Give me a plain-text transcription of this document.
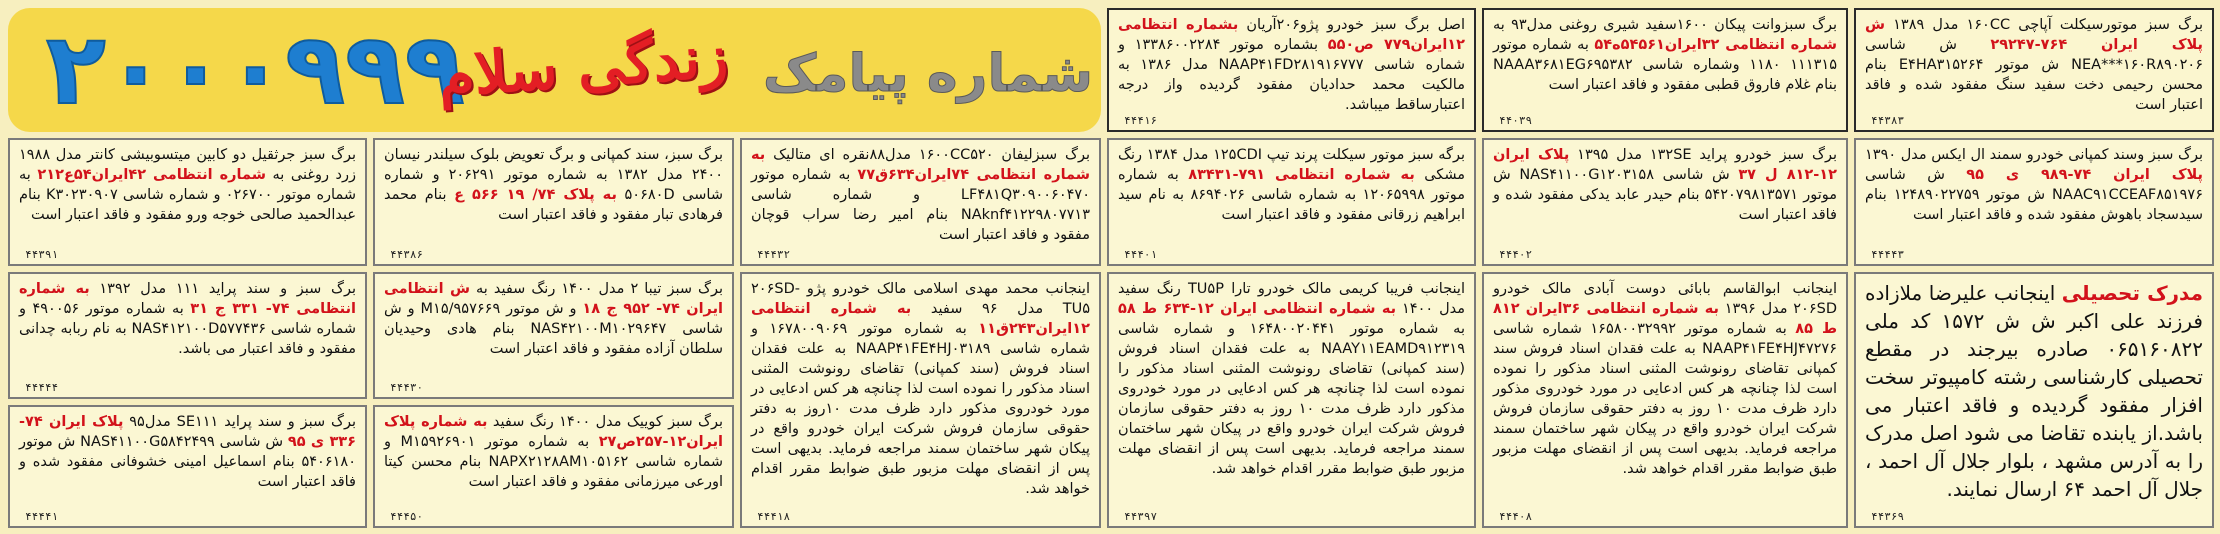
۲۰۰۰۹۹۹
زندگی سلام شماره پیامک
برگ سبز موتورسیکلت آپاچی ۱۶۰CC مدل ۱۳۸۹ ش پلاک ایران ۷۶۴-۲۹۲۴۷ ش شاسی NEA***۱۶۰R۸۹۰۲۰۶ ش موتور E۴HA۳۱۵۲۶۴ بنام محسن رحیمی دخت سفید سنگ مفقود شده و فاقد اعتبار است
۴۴۳۸۳
برگ سبزوانت پیکان ۱۶۰۰سفید شیری روغنی مدل۹۳ به شماره انتظامی ۳۲ایران۵۴۵۶۱ه۵۴ به شماره موتور ۱۱۱۳۱۵ ۱۱۸۰ وشماره شاسی NAAA۳۶۸۱EG۶۹۵۳۸۲ بنام غلام فاروق قطبی مفقود و فاقد اعتبار است
۴۴۰۳۹
اصل برگ سبز خودرو پژو۲۰۶آریان بشماره انتظامی ۱۲ایران۷۷۹ ص۵۵۰ بشماره موتور ۱۳۳۸۶۰۰۲۲۸۴ و شماره شاسی NAAP۴۱FD۲۸۱۹۱۶۷۷۷ مدل ۱۳۸۶ به مالکیت محمد حدادیان مفقود گردیده واز درجه اعتبارساقط میباشد.
۴۴۴۱۶
برگ سبز وسند کمپانی خودرو سمند ال ایکس مدل ۱۳۹۰ پلاک ایران ۷۴-۹۸۹ ی ۹۵ ش شاسی NAAC۹۱CCEAF۸۵۱۹۷۶ ش موتور ۱۲۴۸۹۰۲۲۷۵۹ بنام سیدسجاد باهوش مفقود شده و فاقد اعتبار است
۴۴۴۴۳
برگ سبز خودرو پراید ۱۳۲SE مدل ۱۳۹۵ پلاک ایران ۱۲-۸۱۲ ل ۳۷ ش شاسی NAS۴۱۱۰۰G۱۲۰۳۱۵۸ ش موتور ۵۴۲۰۷۹۸۱۳۵۷۱ بنام حیدر عابد یدکی مفقود شده و فاقد اعتبار است
۴۴۴۰۲
برگه سبز موتور سیکلت پرند تیپ ۱۲۵CDI مدل ۱۳۸۴ رنگ مشکی به شماره انتظامی ۷۹۱-۸۳۴۳۱ به شماره موتور ۱۲۰۶۵۹۹۸ به شماره شاسی ۸۶۹۴۰۲۶ به نام سید ابراهیم زرقانی مفقود و فاقد اعتبار است
۴۴۴۰۱
برگ سبزلیفان ۱۶۰۰CC۵۲۰ مدل۸۸نقره ای متالیک به شماره انتظامی ۷۴ایران۶۳۴ق۷۷ به شماره موتور LF۴۸۱Q۳۰۹۰۰۶۰۴۷۰ و شماره شاسی NAknf۴۱۲۲۹۸۰۷۷۱۳ بنام امیر رضا سراب قوچان مفقود و فاقد اعتبار است
۴۴۴۳۲
برگ سبز، سند کمپانی و برگ تعویض بلوک سیلندر نیسان ۲۴۰۰ مدل ۱۳۸۲ به شماره موتور ۲۰۶۲۹۱ و شماره شاسی ۵۰۶۸۰D به پلاک ۷۴/ ۱۹ ۵۶۶ ع بنام محمد فرهادی تبار مفقود و فاقد اعتبار است
۴۴۳۸۶
برگ سبز جرثقیل دو کابین میتسوبیشی کانتر مدل ۱۹۸۸ زرد روغنی به شماره انتظامی ۴۲ایران۵۴ع۲۱۲ به شماره موتور ۰۲۶۷۰۰ و شماره شاسی K۳۰۲۳۰۹۰۷ بنام عبدالحمید صالحی خوجه ورو مفقود و فاقد اعتبار است
۴۴۳۹۱
مدرک تحصیلی اینجانب علیرضا ملازاده فرزند علی اکبر ش ش ۱۵۷۲ کد ملی ۰۶۵۱۶۰۸۲۲ صادره بیرجند در مقطع تحصیلی کارشناسی رشته کامپیوتر سخت افزار مفقود گردیده و فاقد اعتبار می باشد.از یابنده تقاضا می شود اصل مدرک را به آدرس مشهد ، بلوار جلال آل احمد ، جلال آل احمد ۶۴ ارسال نمایند.
۴۴۳۶۹
اینجانب ابوالقاسم بابائی دوست آبادی مالک خودرو ۲۰۶SD مدل ۱۳۹۶ به شماره انتظامی ۳۶ایران ۸۱۲ ط ۸۵ به شماره موتور ۱۶۵۸۰۰۳۲۹۹۲ شماره شاسی NAAP۴۱FE۴HJ۴۷۲۷۶ به علت فقدان اسناد فروش سند کمپانی تقاضای رونوشت المثنی اسناد مذکور را نموده است لذا چنانچه هر کس ادعایی در مورد خودروی مذکور دارد ظرف مدت ۱۰ روز به دفتر حقوقی سازمان فروش شرکت ایران خودرو واقع در پیکان شهر ساختمان سمند مراجعه فرماید. بدیهی است پس از انقضای مهلت مزبور طبق ضوابط مقرر اقدام خواهد شد.
۴۴۴۰۸
اینجانب فریبا کریمی مالک خودرو تارا TU۵P رنگ سفید مدل ۱۴۰۰ به شماره انتظامی ایران ۱۲-۶۳۴ ط ۵۸ به شماره موتور ۱۶۴۸۰۰۲۰۴۴۱ و شماره شاسی NAAY۱۱EAMD۹۱۲۳۱۹ به علت فقدان اسناد فروش (سند کمپانی) تقاضای رونوشت المثنی اسناد مذکور را نموده است لذا چنانچه هر کس ادعایی در مورد خودروی مذکور دارد ظرف مدت ۱۰ روز به دفتر حقوقی سازمان فروش شرکت ایران خودرو واقع در پیکان شهر ساختمان سمند مراجعه فرماید. بدیهی است پس از انقضای مهلت مزبور طبق ضوابط مقرر اقدام خواهد شد.
۴۴۳۹۷
اینجانب محمد مهدی اسلامی مالک خودرو پژو ۲۰۶SD-TU۵ مدل ۹۶ سفید به شماره انتظامی ۱۲ایران۲۴۳ق۱۱ به شماره موتور ۱۶۷۸۰۰۹۰۶۹ و شماره شاسی NAAP۴۱FE۴HJ۰۳۱۸۹ به علت فقدان اسناد فروش (سند کمپانی) تقاضای رونوشت المثنی اسناد مذکور را نموده است لذا چنانچه هر کس ادعایی در مورد خودروی مذکور دارد ظرف مدت ۱۰روز به دفتر حقوقی سازمان فروش شرکت ایران خودرو واقع در پیکان شهر ساختمان سمند مراجعه فرماید. بدیهی است پس از انقضای مهلت مزبور طبق ضوابط مقرر اقدام خواهد شد.
۴۴۴۱۸
برگ سبز تیبا ۲ مدل ۱۴۰۰ رنگ سفید به ش انتظامی ایران ۷۴- ۹۵۲ ج ۱۸ و ش موتور M۱۵/۹۵۷۶۶۹ و ش شاسی NAS۴۲۱۰۰M۱۰۲۹۶۴۷ بنام هادی وحیدیان سلطان آزاده مفقود و فاقد اعتبار است
۴۴۴۳۰
برگ سبز و سند پراید ۱۱۱ مدل ۱۳۹۲ به شماره انتظامی ۷۴- ۳۳۱ ج ۳۱ به شماره موتور ۴۹۰۰۵۶ و شماره شاسی NAS۴۱۲۱۰۰D۵۷۷۴۳۶ به نام ربابه چدانی مفقود و فاقد اعتبار می باشد.
۴۴۴۴۴
برگ سبز کوییک مدل ۱۴۰۰ رنگ سفید به شماره پلاک ایران۱۲-۲۵۷ص۲۷ به شماره موتور M۱۵۹۲۶۹۰۱ و شماره شاسی NAPX۲۱۲۸AM۱۰۵۱۶۲ بنام محسن کیتا اورعی میرزمانی مفقود و فاقد اعتبار است
۴۴۴۵۰
برگ سبز و سند پراید SE۱۱۱ مدل۹۵ پلاک ایران ۷۴- ۳۳۶ ی ۹۵ ش شاسی NAS۴۱۱۰۰G۵۸۴۲۴۹۹ ش موتور ۵۴۰۶۱۸۰ بنام اسماعیل امینی خشوفانی مفقود شده و فاقد اعتبار است
۴۴۴۴۱
